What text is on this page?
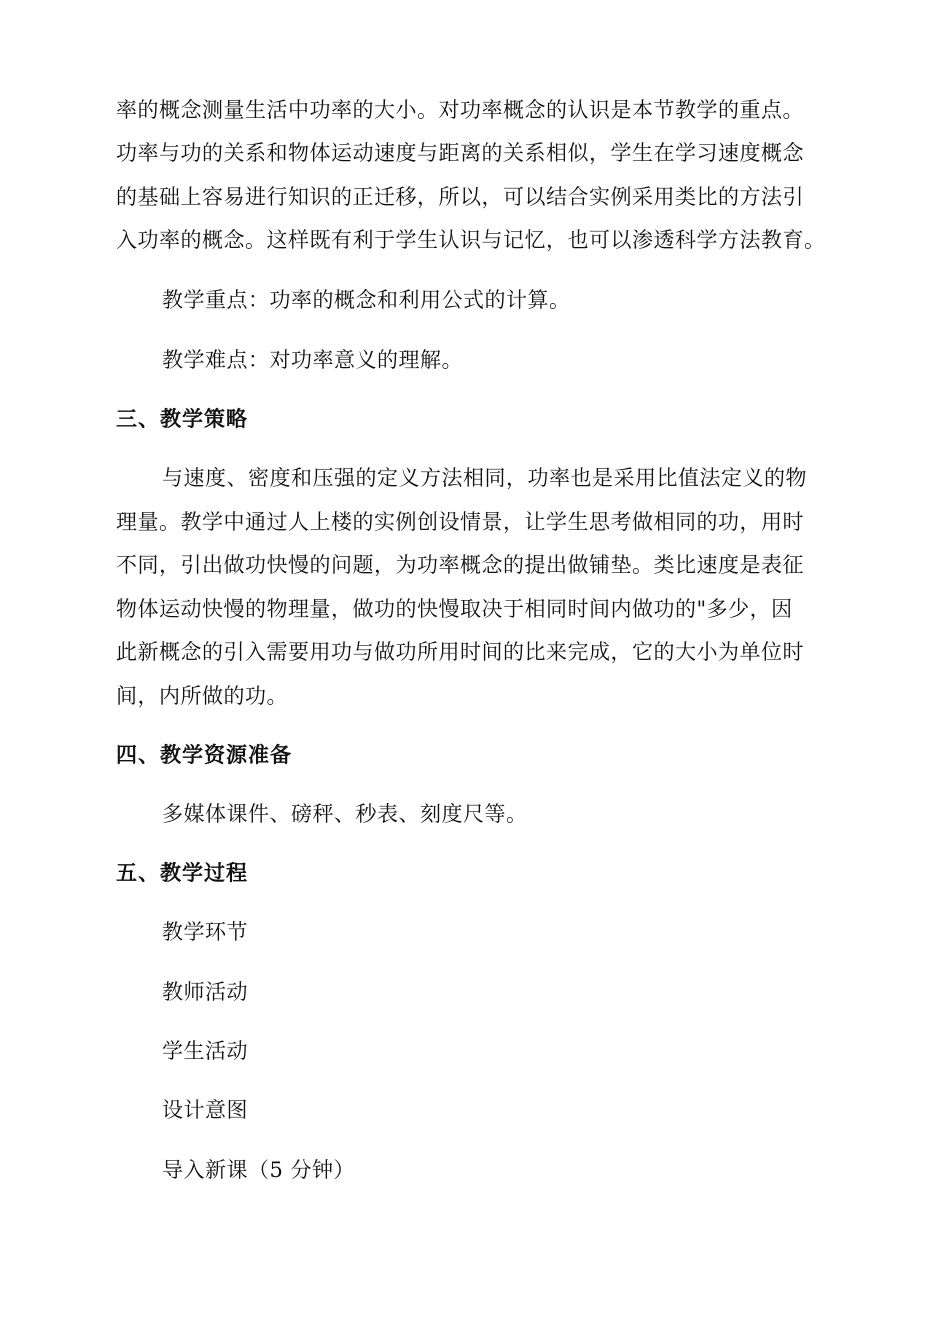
率的概念测量生活中功率的大小。对功率概念的认识是本节教学的重点。
功率与功的关系和物体运动速度与距离的关系相似，学生在学习速度概念
的基础上容易进行知识的正迁移，所以，可以结合实例采用类比的方法引
入功率的概念。这样既有利于学生认识与记忆，也可以渗透科学方法教育。
教学重点：功率的概念和利用公式的计算。
教学难点：对功率意义的理解。
三、教学策略
与速度、密度和压强的定义方法相同，功率也是采用比值法定义的物
理量。教学中通过人上楼的实例创设情景，让学生思考做相同的功，用时
不同，引出做功快慢的问题，为功率概念的提出做铺垫。类比速度是表征
物体运动快慢的物理量，做功的快慢取决于相同时间内做功的"多少，因
此新概念的引入需要用功与做功所用时间的比来完成，它的大小为单位时
间，内所做的功。
四、教学资源准备
多媒体课件、磅秤、秒表、刻度尺等。
五、教学过程
教学环节
教师活动
学生活动
设计意图
导入新课（5 分钟）
